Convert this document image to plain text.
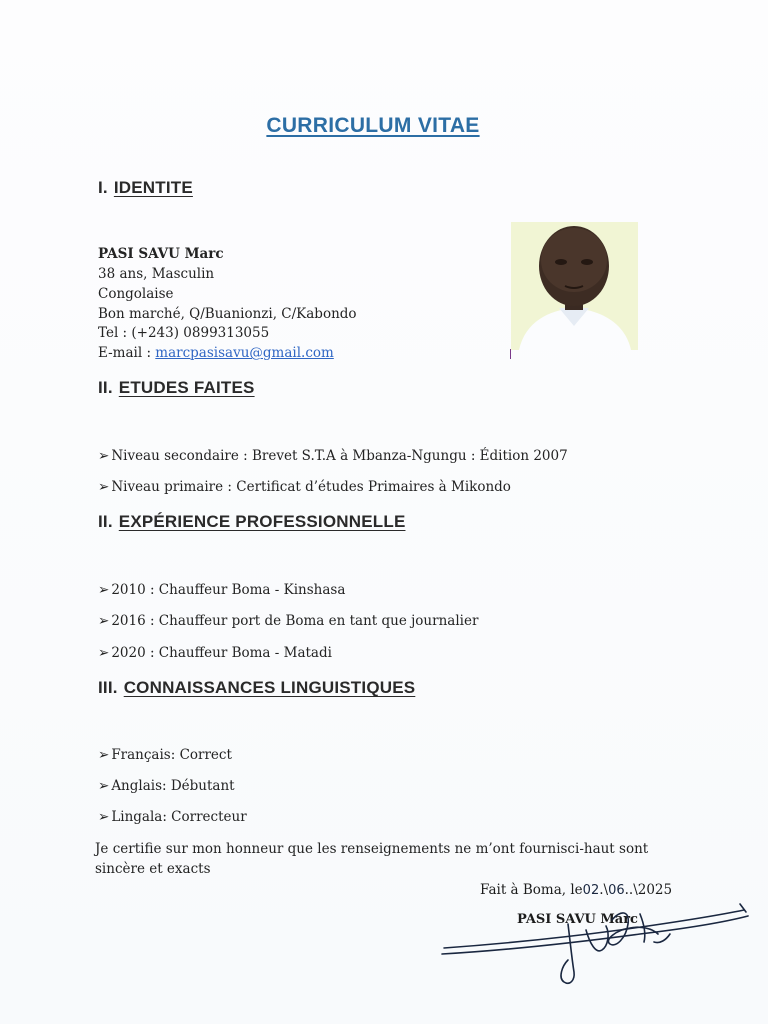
CURRICULUM VITAE
I. IDENTITE
PASI SAVU Marc
38 ans, Masculin
Congolaise
Bon marché, Q/Buanionzi, C/Kabondo
Tel : (+243) 0899313055
E-mail : marcpasisavu@gmail.com
II. ETUDES FAITES
➢ Niveau secondaire : Brevet S.T.A à Mbanza-Ngungu : Édition 2007
➢ Niveau primaire : Certificat d’études Primaires à Mikondo
II. EXPÉRIENCE PROFESSIONNELLE
➢ 2010 : Chauffeur Boma - Kinshasa
➢ 2016 : Chauffeur port de Boma en tant que journalier
➢ 2020 : Chauffeur Boma - Matadi
III. CONNAISSANCES LINGUISTIQUES
➢ Français: Correct
➢ Anglais: Débutant
➢ Lingala: Correcteur
Je certifie sur mon honneur que les renseignements ne m’ont fournisci-haut sont
sincère et exacts
Fait à Boma, le02.\06..\2025
PASI SAVU Marc
